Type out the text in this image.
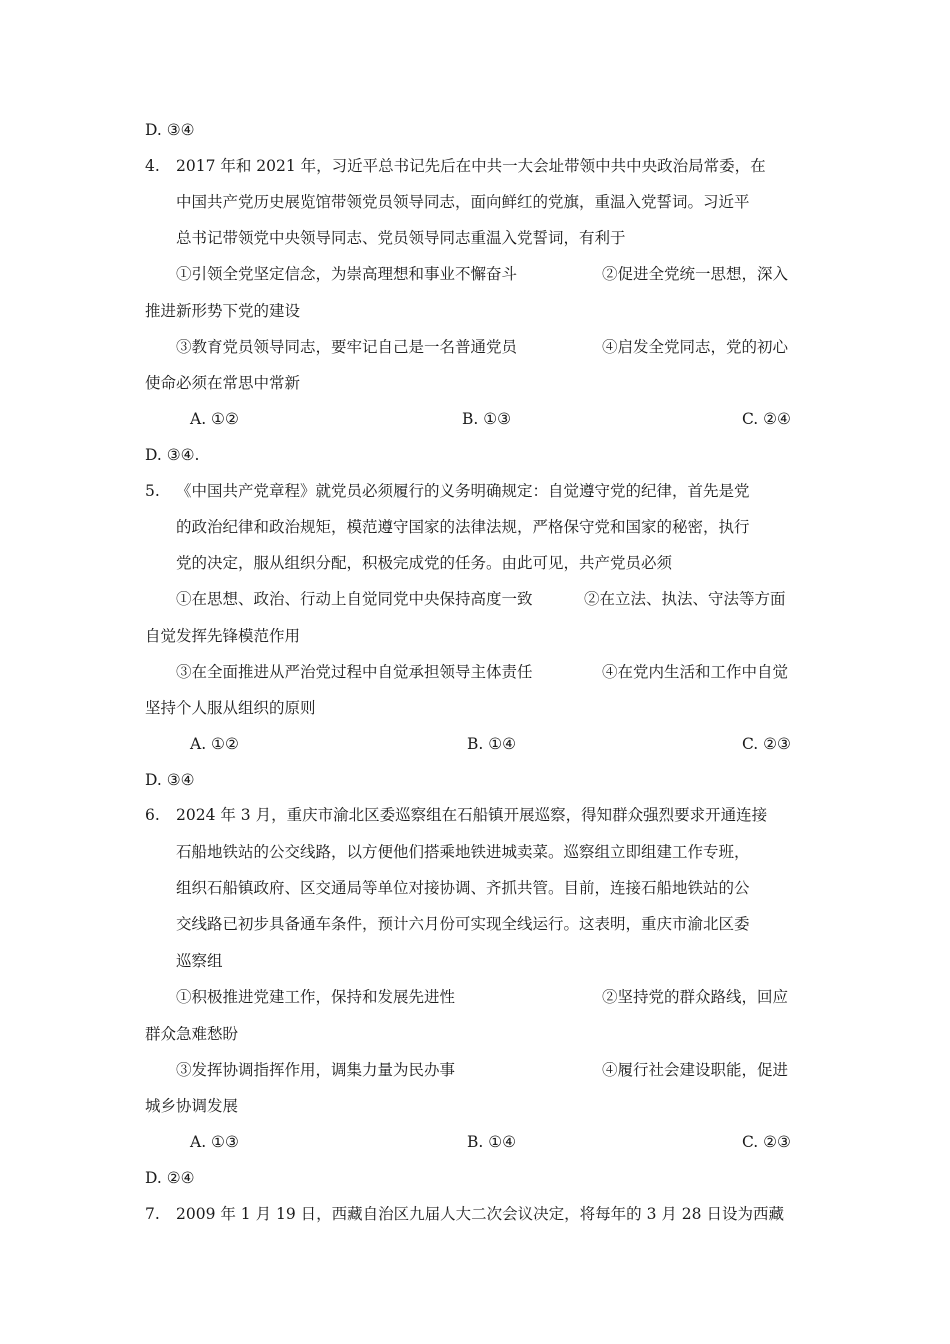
D. ③④
4. 2017 年和 2021 年，习近平总书记先后在中共一大会址带领中共中央政治局常委，在
中国共产党历史展览馆带领党员领导同志，面向鲜红的党旗，重温入党誓词。习近平
总书记带领党中央领导同志、党员领导同志重温入党誓词，有利于
①引领全党坚定信念，为崇高理想和事业不懈奋斗	②促进全党统一思想，深入
推进新形势下党的建设
③教育党员领导同志，要牢记自己是一名普通党员	④启发全党同志，党的初心
使命必须在常思中常新
A. ①②	B. ①③	C. ②④
D. ③④.
5. 《中国共产党章程》就党员必须履行的义务明确规定：自觉遵守党的纪律，首先是党
的政治纪律和政治规矩，模范遵守国家的法律法规，严格保守党和国家的秘密，执行
党的决定，服从组织分配，积极完成党的任务。由此可见，共产党员必须
①在思想、政治、行动上自觉同党中央保持高度一致	②在立法、执法、守法等方面
自觉发挥先锋模范作用
③在全面推进从严治党过程中自觉承担领导主体责任	④在党内生活和工作中自觉
坚持个人服从组织的原则
A. ①②	B. ①④	C. ②③
D. ③④
6. 2024 年 3 月，重庆市渝北区委巡察组在石船镇开展巡察，得知群众强烈要求开通连接
石船地铁站的公交线路，以方便他们搭乘地铁进城卖菜。巡察组立即组建工作专班，
组织石船镇政府、区交通局等单位对接协调、齐抓共管。目前，连接石船地铁站的公
交线路已初步具备通车条件，预计六月份可实现全线运行。这表明，重庆市渝北区委
巡察组
①积极推进党建工作，保持和发展先进性	②坚持党的群众路线，回应
群众急难愁盼
③发挥协调指挥作用，调集力量为民办事	④履行社会建设职能，促进
城乡协调发展
A. ①③	B. ①④	C. ②③
D. ②④
7. 2009 年 1 月 19 日，西藏自治区九届人大二次会议决定，将每年的 3 月 28 日设为西藏
